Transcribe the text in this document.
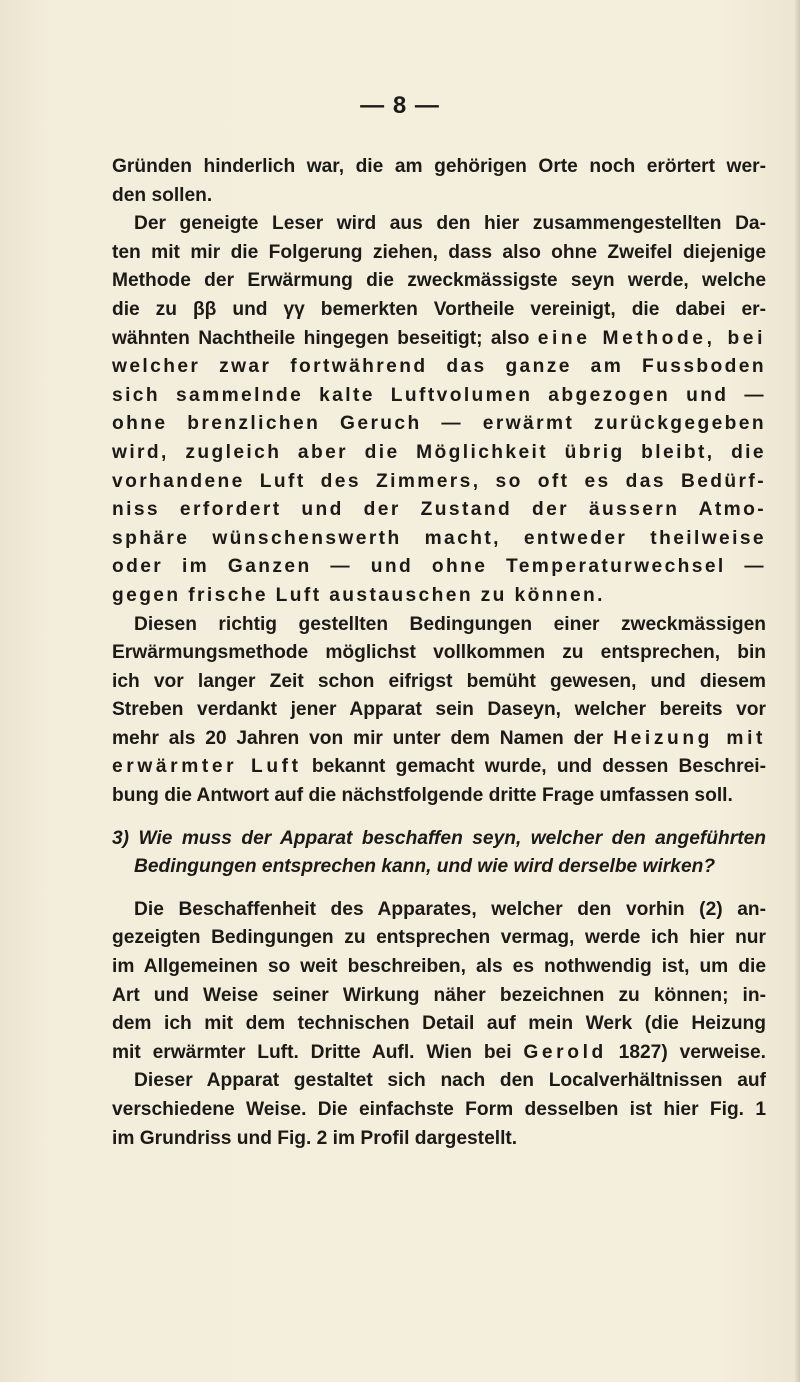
— 8 —

Gründen hinderlich war, die am gehörigen Orte noch erörtert wer-
den sollen.
Der geneigte Leser wird aus den hier zusammengestellten Da-
ten mit mir die Folgerung ziehen, dass also ohne Zweifel diejenige
Methode der Erwärmung die zweckmässigste seyn werde, welche
die zu ββ und γγ bemerkten Vortheile vereinigt, die dabei er-
wähnten Nachtheile hingegen beseitigt; also eine Methode, bei
welcher zwar fortwährend das ganze am Fussboden
sich sammelnde kalte Luftvolumen abgezogen und —
ohne brenzlichen Geruch — erwärmt zurückgegeben
wird, zugleich aber die Möglichkeit übrig bleibt, die
vorhandene Luft des Zimmers, so oft es das Bedürf-
niss erfordert und der Zustand der äussern Atmo-
sphäre wünschenswerth macht, entweder theilweise
oder im Ganzen — und ohne Temperaturwechsel —
gegen frische Luft austauschen zu können.
Diesen richtig gestellten Bedingungen einer zweckmässigen
Erwärmungsmethode möglichst vollkommen zu entsprechen, bin
ich vor langer Zeit schon eifrigst bemüht gewesen, und diesem
Streben verdankt jener Apparat sein Daseyn, welcher bereits vor
mehr als 20 Jahren von mir unter dem Namen der Heizung mit
erwärmter Luft bekannt gemacht wurde, und dessen Beschrei-
bung die Antwort auf die nächstfolgende dritte Frage umfassen soll.
3) Wie muss der Apparat beschaffen seyn, welcher den angeführten
Bedingungen entsprechen kann, und wie wird derselbe wirken?
Die Beschaffenheit des Apparates, welcher den vorhin (2) an-
gezeigten Bedingungen zu entsprechen vermag, werde ich hier nur
im Allgemeinen so weit beschreiben, als es nothwendig ist, um die
Art und Weise seiner Wirkung näher bezeichnen zu können; in-
dem ich mit dem technischen Detail auf mein Werk (die Heizung
mit erwärmter Luft. Dritte Aufl. Wien bei Gerold 1827) verweise.
Dieser Apparat gestaltet sich nach den Localverhältnissen auf
verschiedene Weise. Die einfachste Form desselben ist hier Fig. 1
im Grundriss und Fig. 2 im Profil dargestellt.
